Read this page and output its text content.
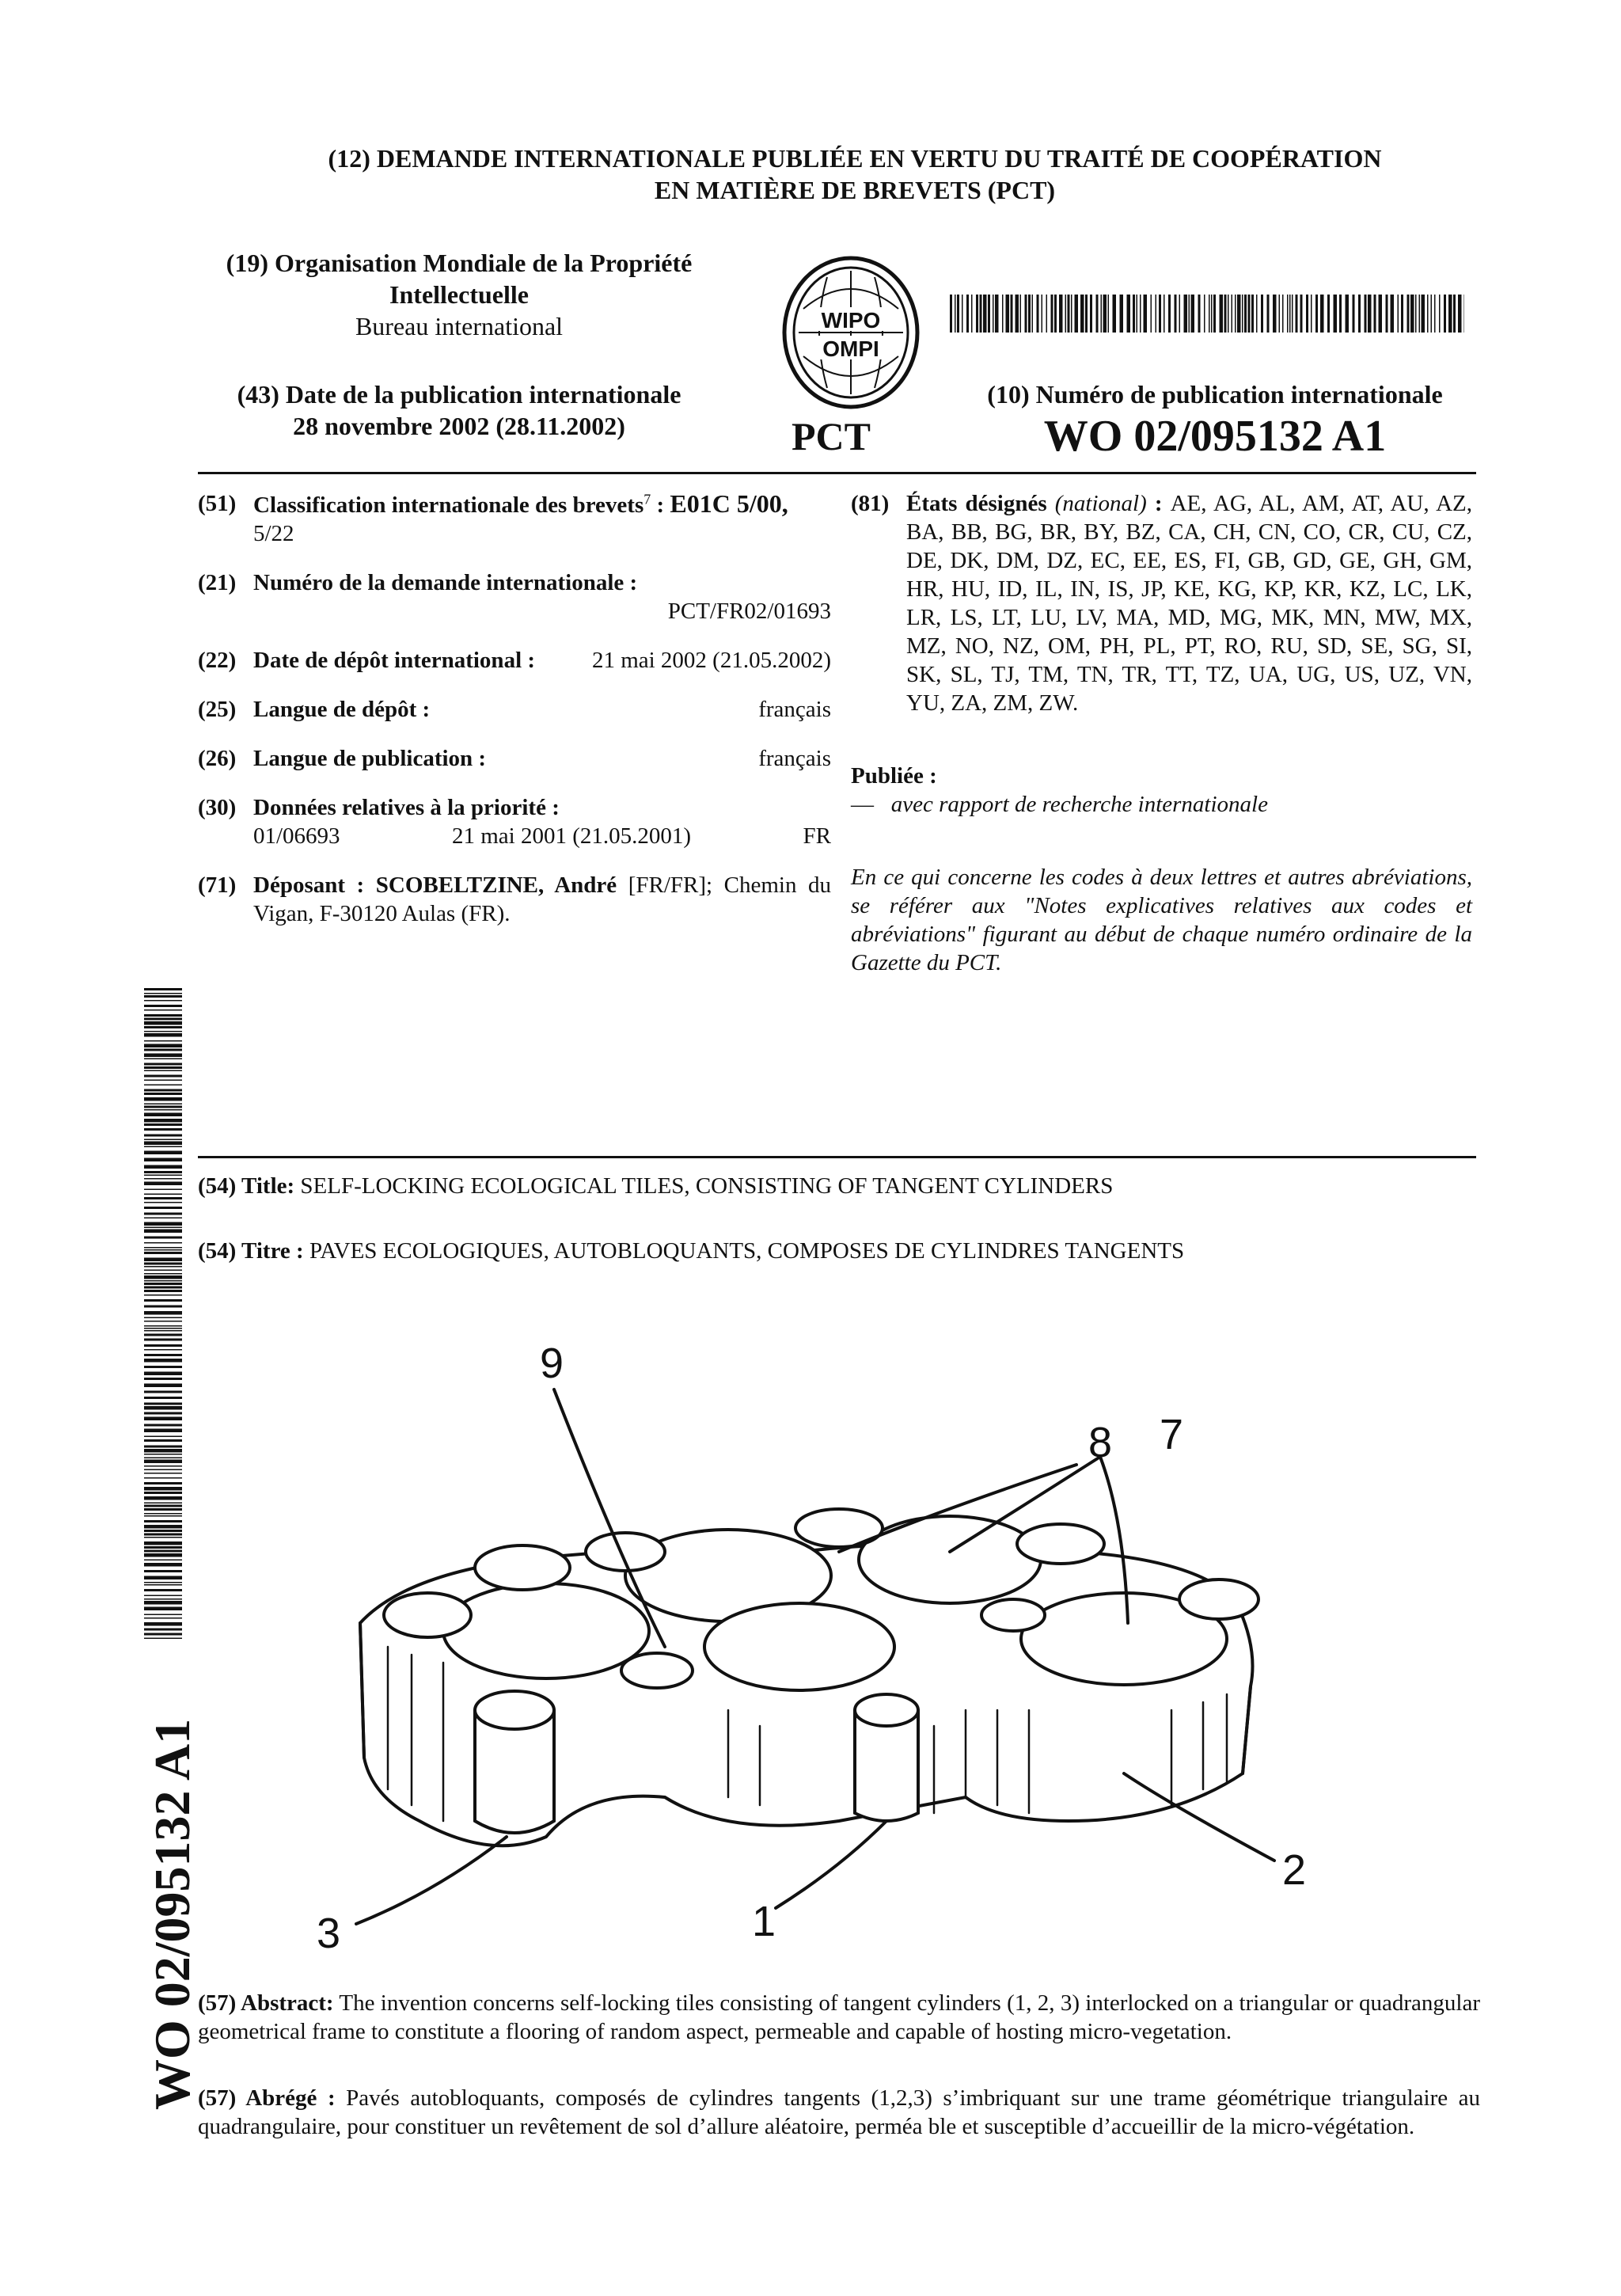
(12) DEMANDE INTERNATIONALE PUBLIÉE EN VERTU DU TRAITÉ DE COOPÉRATION
EN MATIÈRE DE BREVETS (PCT)
(19) Organisation Mondiale de la Propriété
Intellectuelle
Bureau international	WIPO
OMPI
(43) Date de la publication internationale
28 novembre 2002 (28.11.2002)	PCT
(10) Numéro de publication internationale
WO 02/095132 A1
(51) Classification internationale des brevets$^7$ : E01C 5/00,
5/22
(21) Numéro de la demande internationale :
PCT/FR02/01693
(22) Date de dépôt international : 21 mai 2002 (21.05.2002)
(25) Langue de dépôt :	français
(26) Langue de publication :	français
(30) Données relatives à la priorité :
01/06693	21 mai 2001 (21.05.2001)	FR
(71) Déposant : SCOBELTZINE, André [FR/FR]; Chemin du Vigan, F-30120 Aulas (FR).
(81) États désignés (national) : AE, AG, AL, AM, AT, AU, AZ, BA, BB, BG, BR, BY, BZ, CA, CH, CN, CO, CR, CU, CZ, DE, DK, DM, DZ, EC, EE, ES, FI, GB, GD, GE, GH, GM, HR, HU, ID, IL, IN, IS, JP, KE, KG, KP, KR, KZ, LC, LK, LR, LS, LT, LU, LV, MA, MD, MG, MK, MN, MW, MX, MZ, NO, NZ, OM, PH, PL, PT, RO, RU, SD, SE, SG, SI, SK, SL, TJ, TM, TN, TR, TT, TZ, UA, UG, US, UZ, VN, YU, ZA, ZM, ZW.
Publiée :
— avec rapport de recherche internationale
En ce qui concerne les codes à deux lettres et autres abréviations, se référer aux "Notes explicatives relatives aux codes et abréviations" figurant au début de chaque numéro ordinaire de la Gazette du PCT.
WO 02/095132 A1
(54) Title: SELF-LOCKING ECOLOGICAL TILES, CONSISTING OF TANGENT CYLINDERS
(54) Titre : PAVES ECOLOGIQUES, AUTOBLOQUANTS, COMPOSES DE CYLINDRES TANGENTS
9
8 7
2
1
3
(57) Abstract: The invention concerns self-locking tiles consisting of tangent cylinders (1, 2, 3) interlocked on a triangular or quadrangular geometrical frame to constitute a flooring of random aspect, permeable and capable of hosting micro-vegetation.
(57) Abrégé : Pavés autobloquants, composés de cylindres tangents (1,2,3) s’imbriquant sur une trame géométrique triangulaire au quadrangulaire, pour constituer un revêtement de sol d’allure aléatoire, perméa ble et susceptible d’accueillir de la micro-végétation.
